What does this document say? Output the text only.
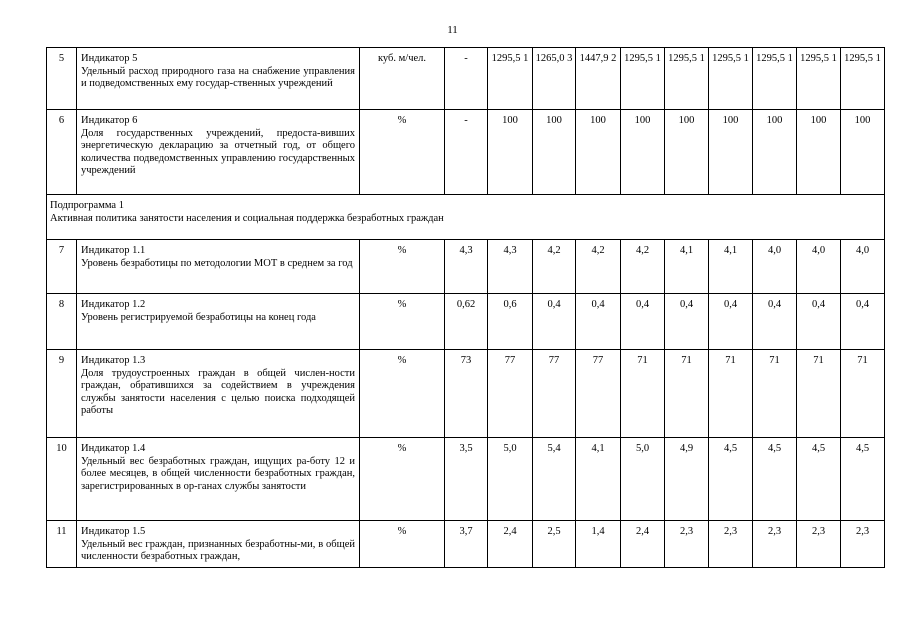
11
5	Индикатор 5
Удельный расход природного газа на снабжение управления и подведомственных ему государ-ственных учреждений	куб. м/чел.	-	1295,5 1	1265,0 3	1447,9 2	1295,5 1	1295,5 1	1295,5 1	1295,5 1	1295,5 1	1295,5 1
6	Индикатор 6
Доля государственных учреждений, предоста-вивших энергетическую декларацию за отчетный год, от общего количества подведомственных управлению государственных учреждений	%	-	100	100	100	100	100	100	100	100	100

Подпрограмма 1
Активная политика занятости населения и социальная поддержка безработных граждан												

7	Индикатор 1.1
Уровень безработицы по методологии МОТ в среднем за год	%	4,3	4,3	4,2	4,2	4,2	4,1	4,1	4,0	4,0	4,0
8	Индикатор 1.2
Уровень регистрируемой безработицы на конец года	%	0,62	0,6	0,4	0,4	0,4	0,4	0,4	0,4	0,4	0,4
9	Индикатор 1.3
Доля трудоустроенных граждан в общей числен-ности граждан, обратившихся за содействием в учреждения службы занятости населения с целью поиска подходящей работы	%	73	77	77	77	71	71	71	71	71	71
10	Индикатор 1.4
Удельный вес безработных граждан, ищущих ра-боту 12 и более месяцев, в общей численности безработных граждан, зарегистрированных в ор-ганах службы занятости	%	3,5	5,0	5,4	4,1	5,0	4,9	4,5	4,5	4,5	4,5
11	Индикатор 1.5
Удельный вес граждан, признанных безработны-ми, в общей численности безработных граждан,	%	3,7	2,4	2,5	1,4	2,4	2,3	2,3	2,3	2,3	2,3
